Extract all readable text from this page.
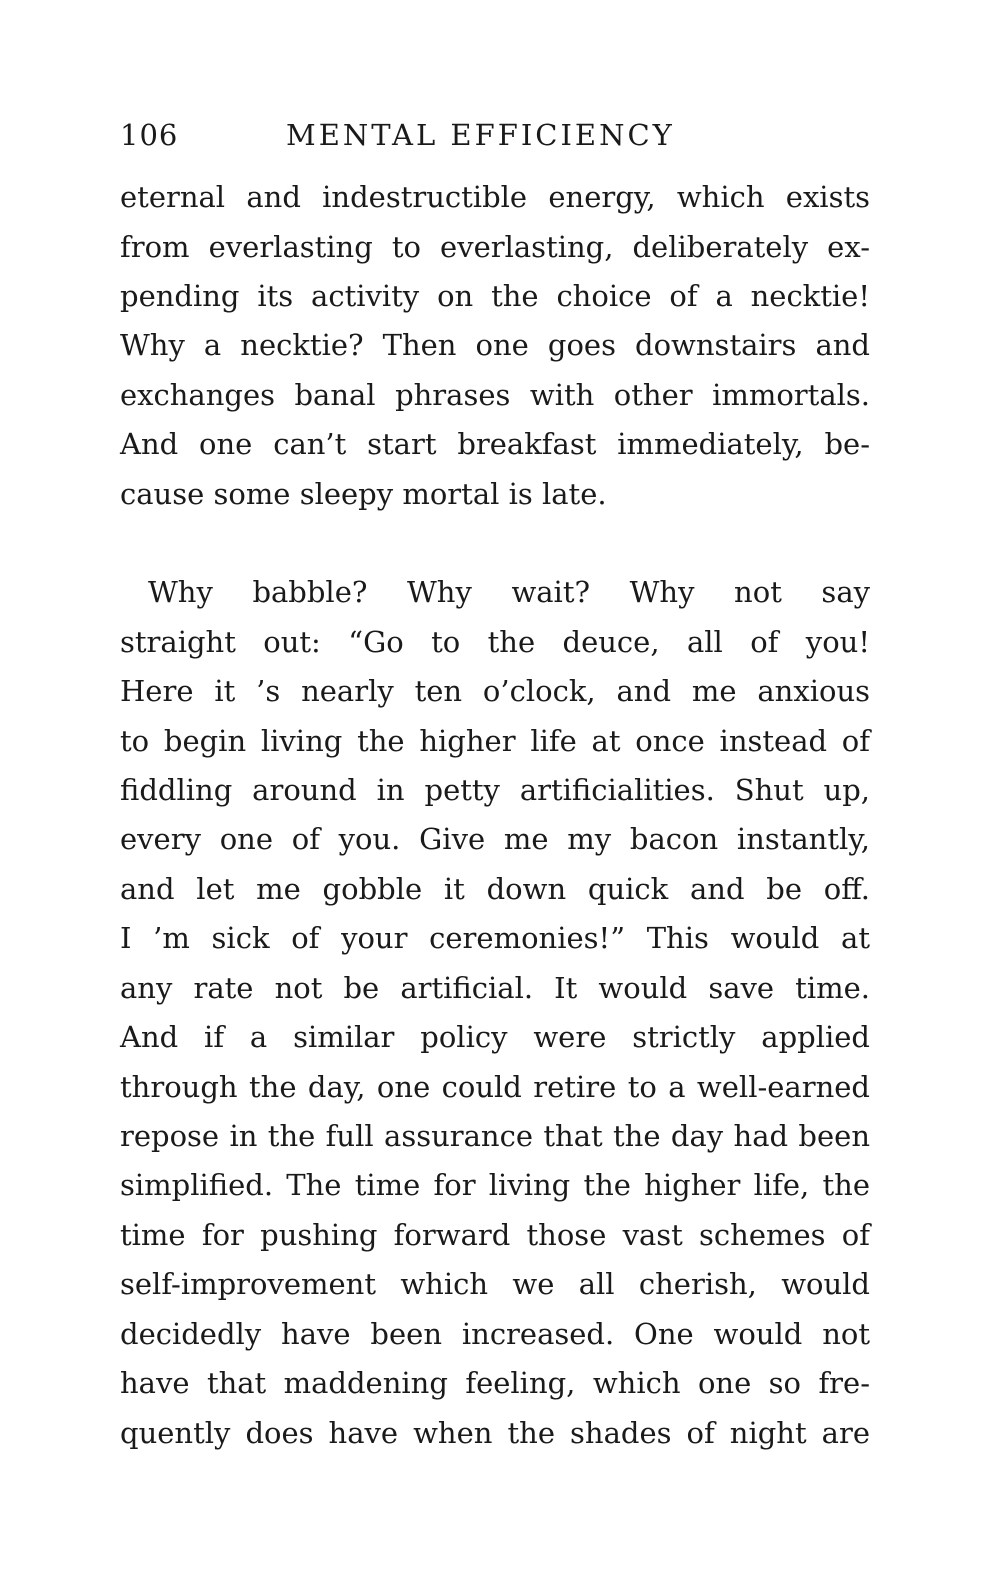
106	MENTAL EFFICIENCY
eternal and indestructible energy, which exists
from everlasting to everlasting, deliberately ex-
pending its activity on the choice of a necktie!
Why a necktie? Then one goes downstairs and
exchanges banal phrases with other immortals.
And one can’t start breakfast immediately, be-
cause some sleepy mortal is late.
Why babble? Why wait? Why not say
straight out: “Go to the deuce, all of you!
Here it ’s nearly ten o’clock, and me anxious
to begin living the higher life at once instead of
fiddling around in petty artificialities. Shut up,
every one of you. Give me my bacon instantly,
and let me gobble it down quick and be off.
I ’m sick of your ceremonies!” This would at
any rate not be artificial. It would save time.
And if a similar policy were strictly applied
through the day, one could retire to a well-earned
repose in the full assurance that the day had been
simplified. The time for living the higher life, the
time for pushing forward those vast schemes of
self-improvement which we all cherish, would
decidedly have been increased. One would not
have that maddening feeling, which one so fre-
quently does have when the shades of night are
